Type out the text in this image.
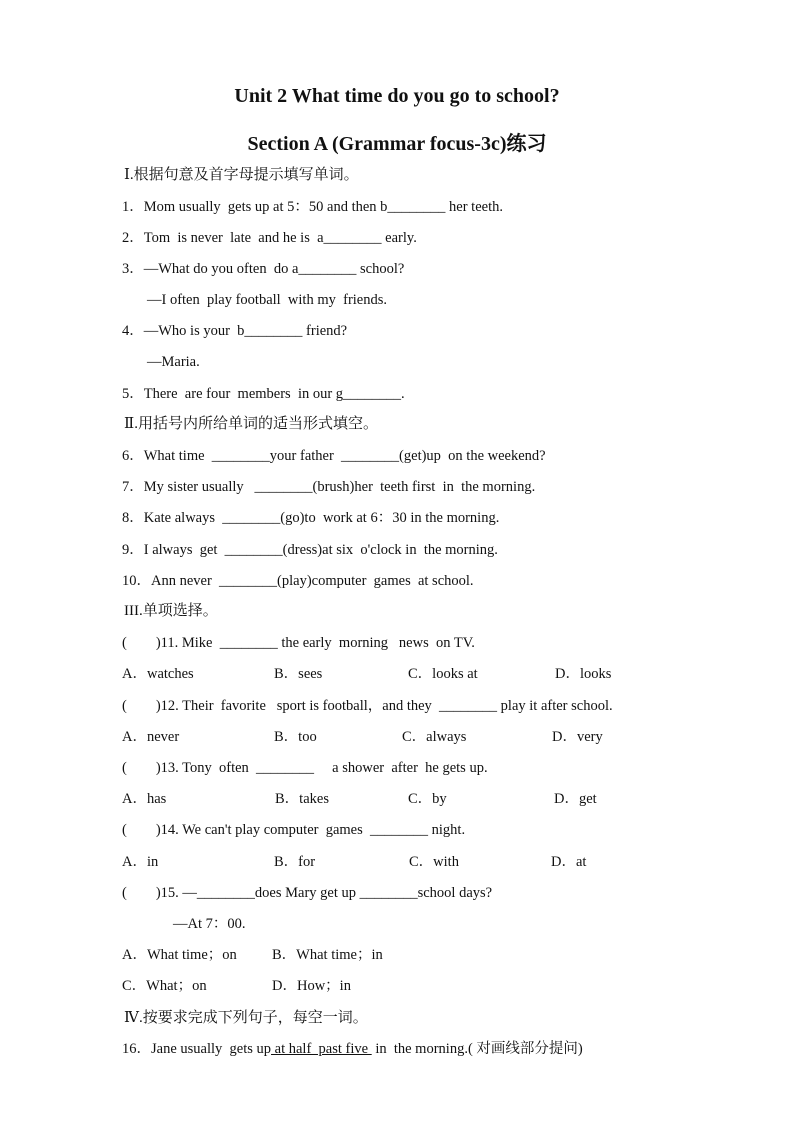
Unit 2 What time do you go to school?
Section A (Grammar focus-3c)练习
Ⅰ.根据句意及首字母提示填写单词。
1．Mom usually  gets up at 5：50 and then b________ her teeth.
2．Tom  is never  late  and he is  a________ early.
3．—What do you often  do a________ school?
—I often  play football  with my  friends.
4．—Who is your  b________ friend?
—Maria.
5．There  are four  members  in our g________.
Ⅱ.用括号内所给单词的适当形式填空。
6．What time  ________your father  ________(get)up  on the weekend?
7．My sister usually   ________(brush)her  teeth first  in  the morning.
8．Kate always  ________(go)to  work at 6：30 in the morning.
9．I always  get  ________(dress)at six  o'clock in  the morning.
10．Ann never  ________(play)computer  games  at school.
III.单项选择。
(        )11. Mike  ________ the early  morning   news  on TV.
A．watches	B．sees	C．looks at	D．looks
(        )12. Their  favorite   sport is football，and they  ________ play it after school.
A．never	B．too	C．always	D．very
(        )13. Tony  often  ________     a shower  after  he gets up.
A．has	B．takes	C．by	D．get
(        )14. We can't play computer  games  ________ night.
A．in	B．for	C．with	D．at
(        )15. —________does Mary get up ________school days?
—At 7：00.
A．What time；on B．What time；in
C．What；on	D．How；in
Ⅳ.按要求完成下列句子，每空一词。
16．Jane usually  gets up at half  past five  in  the morning.( 对画线部分提问)
